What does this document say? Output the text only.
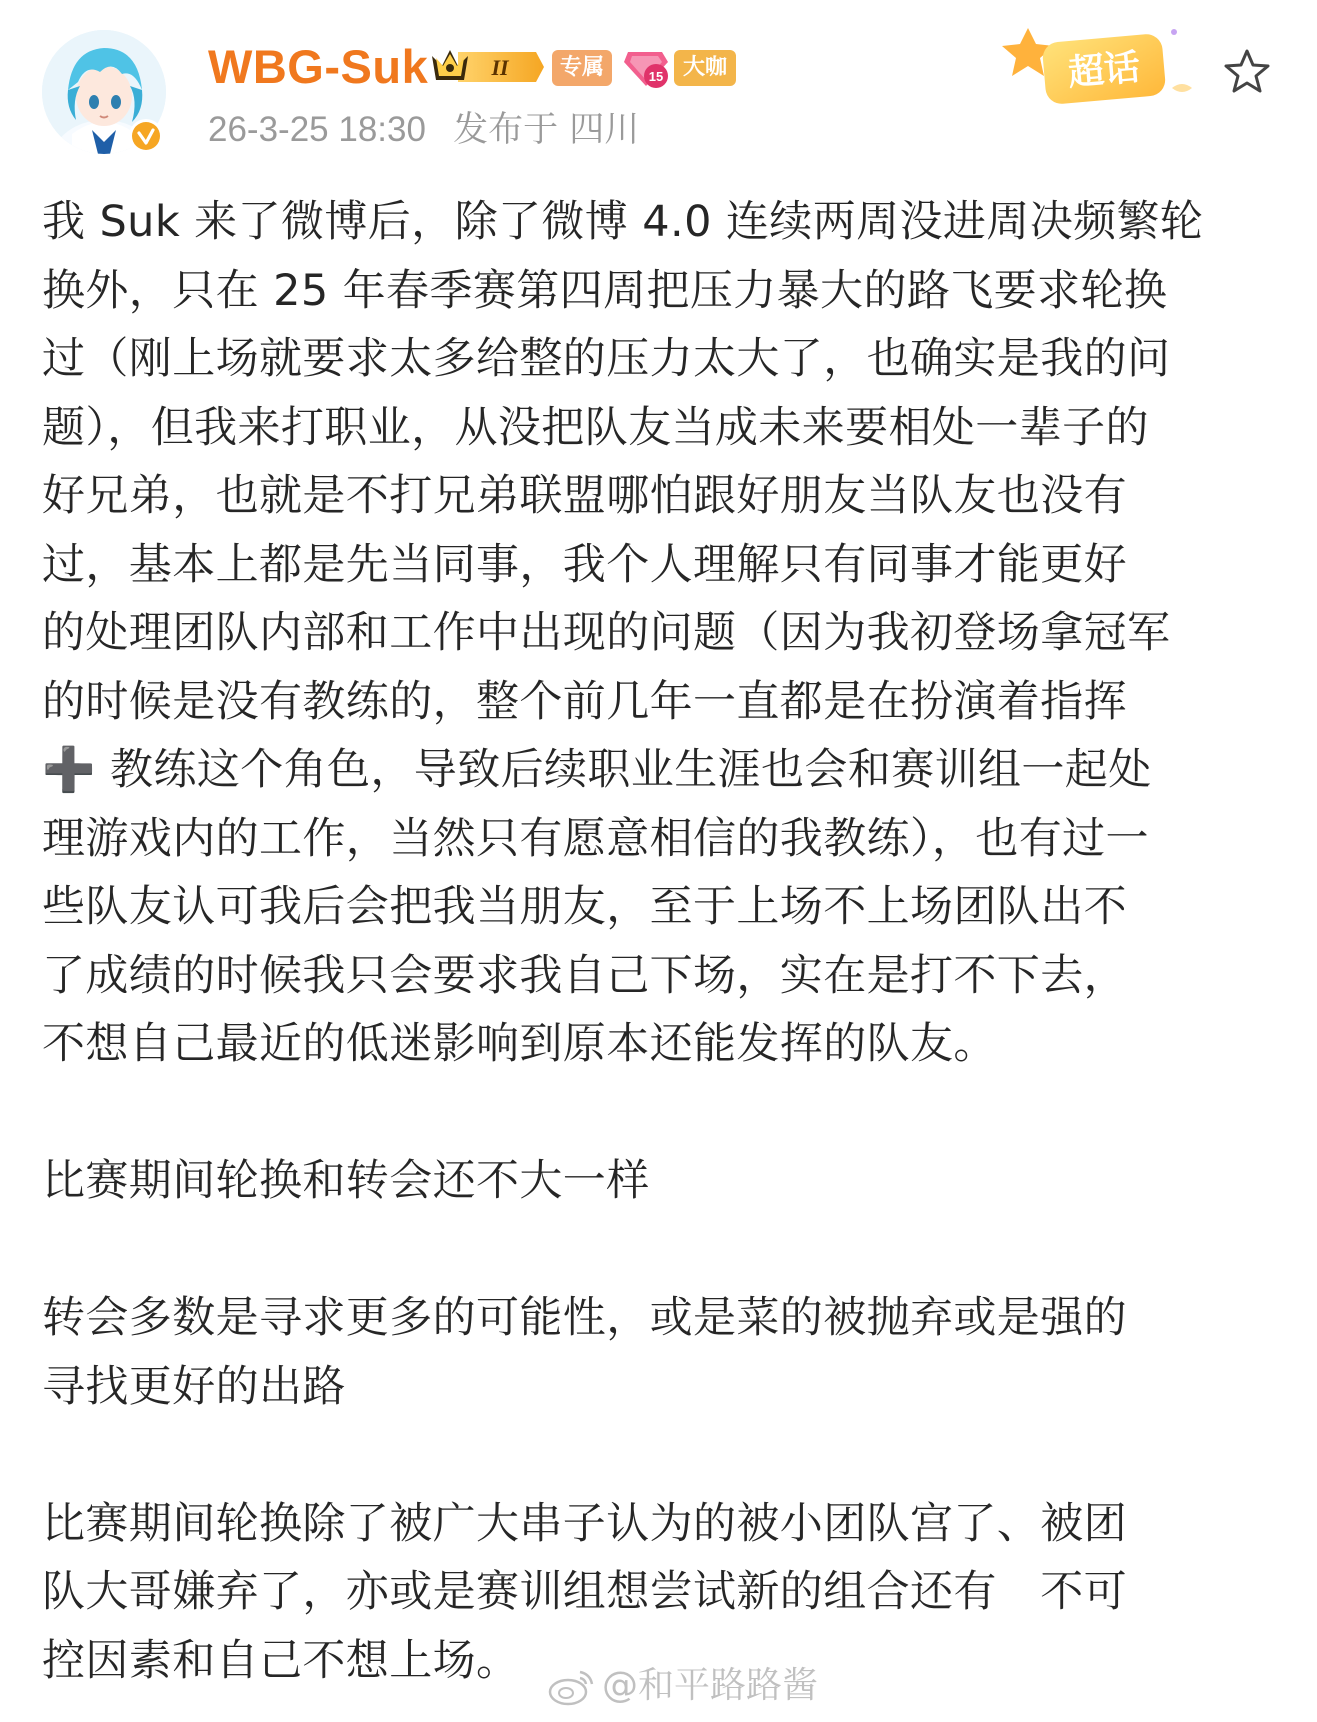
WBG-Suk	II	专属	15 大咖
26-3-25 18:30 发布于 四川
超话

我 Suk 来了微博后，除了微博 4.0 连续两周没进周决频繁轮
换外，只在 25 年春季赛第四周把压力暴大的路飞要求轮换
过（刚上场就要求太多给整的压力太大了，也确实是我的问
题），但我来打职业，从没把队友当成未来要相处一辈子的
好兄弟，也就是不打兄弟联盟哪怕跟好朋友当队友也没有
过，基本上都是先当同事，我个人理解只有同事才能更好
的处理团队内部和工作中出现的问题（因为我初登场拿冠军
的时候是没有教练的，整个前几年一直都是在扮演着指挥
➕ 教练这个角色，导致后续职业生涯也会和赛训组一起处
理游戏内的工作，当然只有愿意相信的我教练），也有过一
些队友认可我后会把我当朋友，至于上场不上场团队出不
了成绩的时候我只会要求我自己下场，实在是打不下去，
不想自己最近的低迷影响到原本还能发挥的队友。

比赛期间轮换和转会还不大一样

转会多数是寻求更多的可能性，或是菜的被抛弃或是强的
寻找更好的出路

比赛期间轮换除了被广大串子认为的被小团队宫了、被团
队大哥嫌弃了，亦或是赛训组想尝试新的组合还有　不可
控因素和自己不想上场。	@和平路路酱
